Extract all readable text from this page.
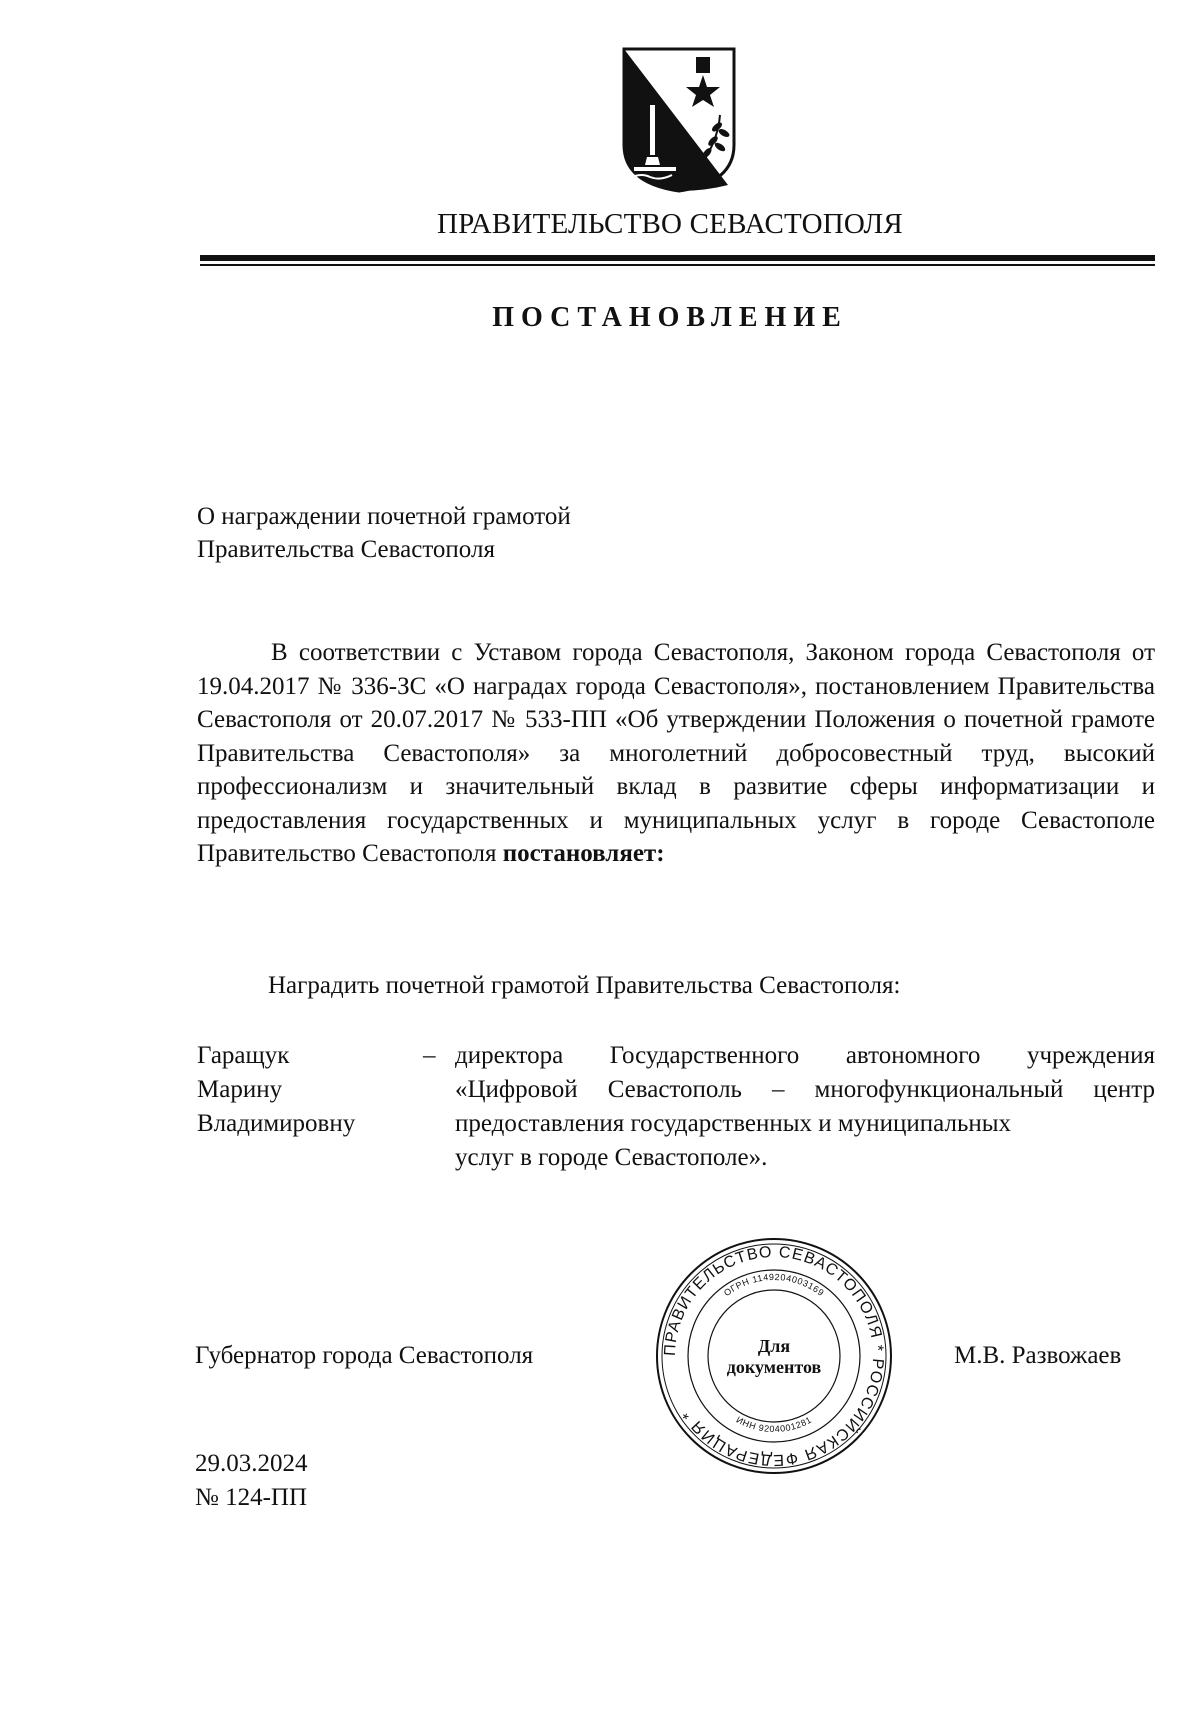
ПРАВИТЕЛЬСТВО СЕВАСТОПОЛЯ
ПОСТАНОВЛЕНИЕ
О награждении почетной грамотой
Правительства Севастополя
В соответствии с Уставом города Севастополя, Законом города Севастополя от 19.04.2017 № 336-ЗС «О наградах города Севастополя», постановлением Правительства Севастополя от 20.07.2017 № 533-ПП «Об утверждении Положения о почетной грамоте Правительства Севастополя» за многолетний добросовестный труд, высокий профессионализм и значительный вклад в развитие сферы информатизации и предоставления государственных и муниципальных услуг в городе Севастополе Правительство Севастополя постановляет:
Наградить почетной грамотой Правительства Севастополя:
Гаращук
Марину
Владимировну
– директора Государственного автономного учреждения «Цифровой Севастополь – многофункциональный центр предоставления государственных и муниципальных
услуг в городе Севастополе».
Губернатор города Севастополя	ПРАВИТЕЛЬСТВО СЕВАСТОПОЛЯ * РОССИЙСКАЯ ФЕДЕРАЦИЯ *
ОГРН 1149204003169
ИНН 9204001281
Для
документов	М.В. Развожаев
29.03.2024
№ 124-ПП
